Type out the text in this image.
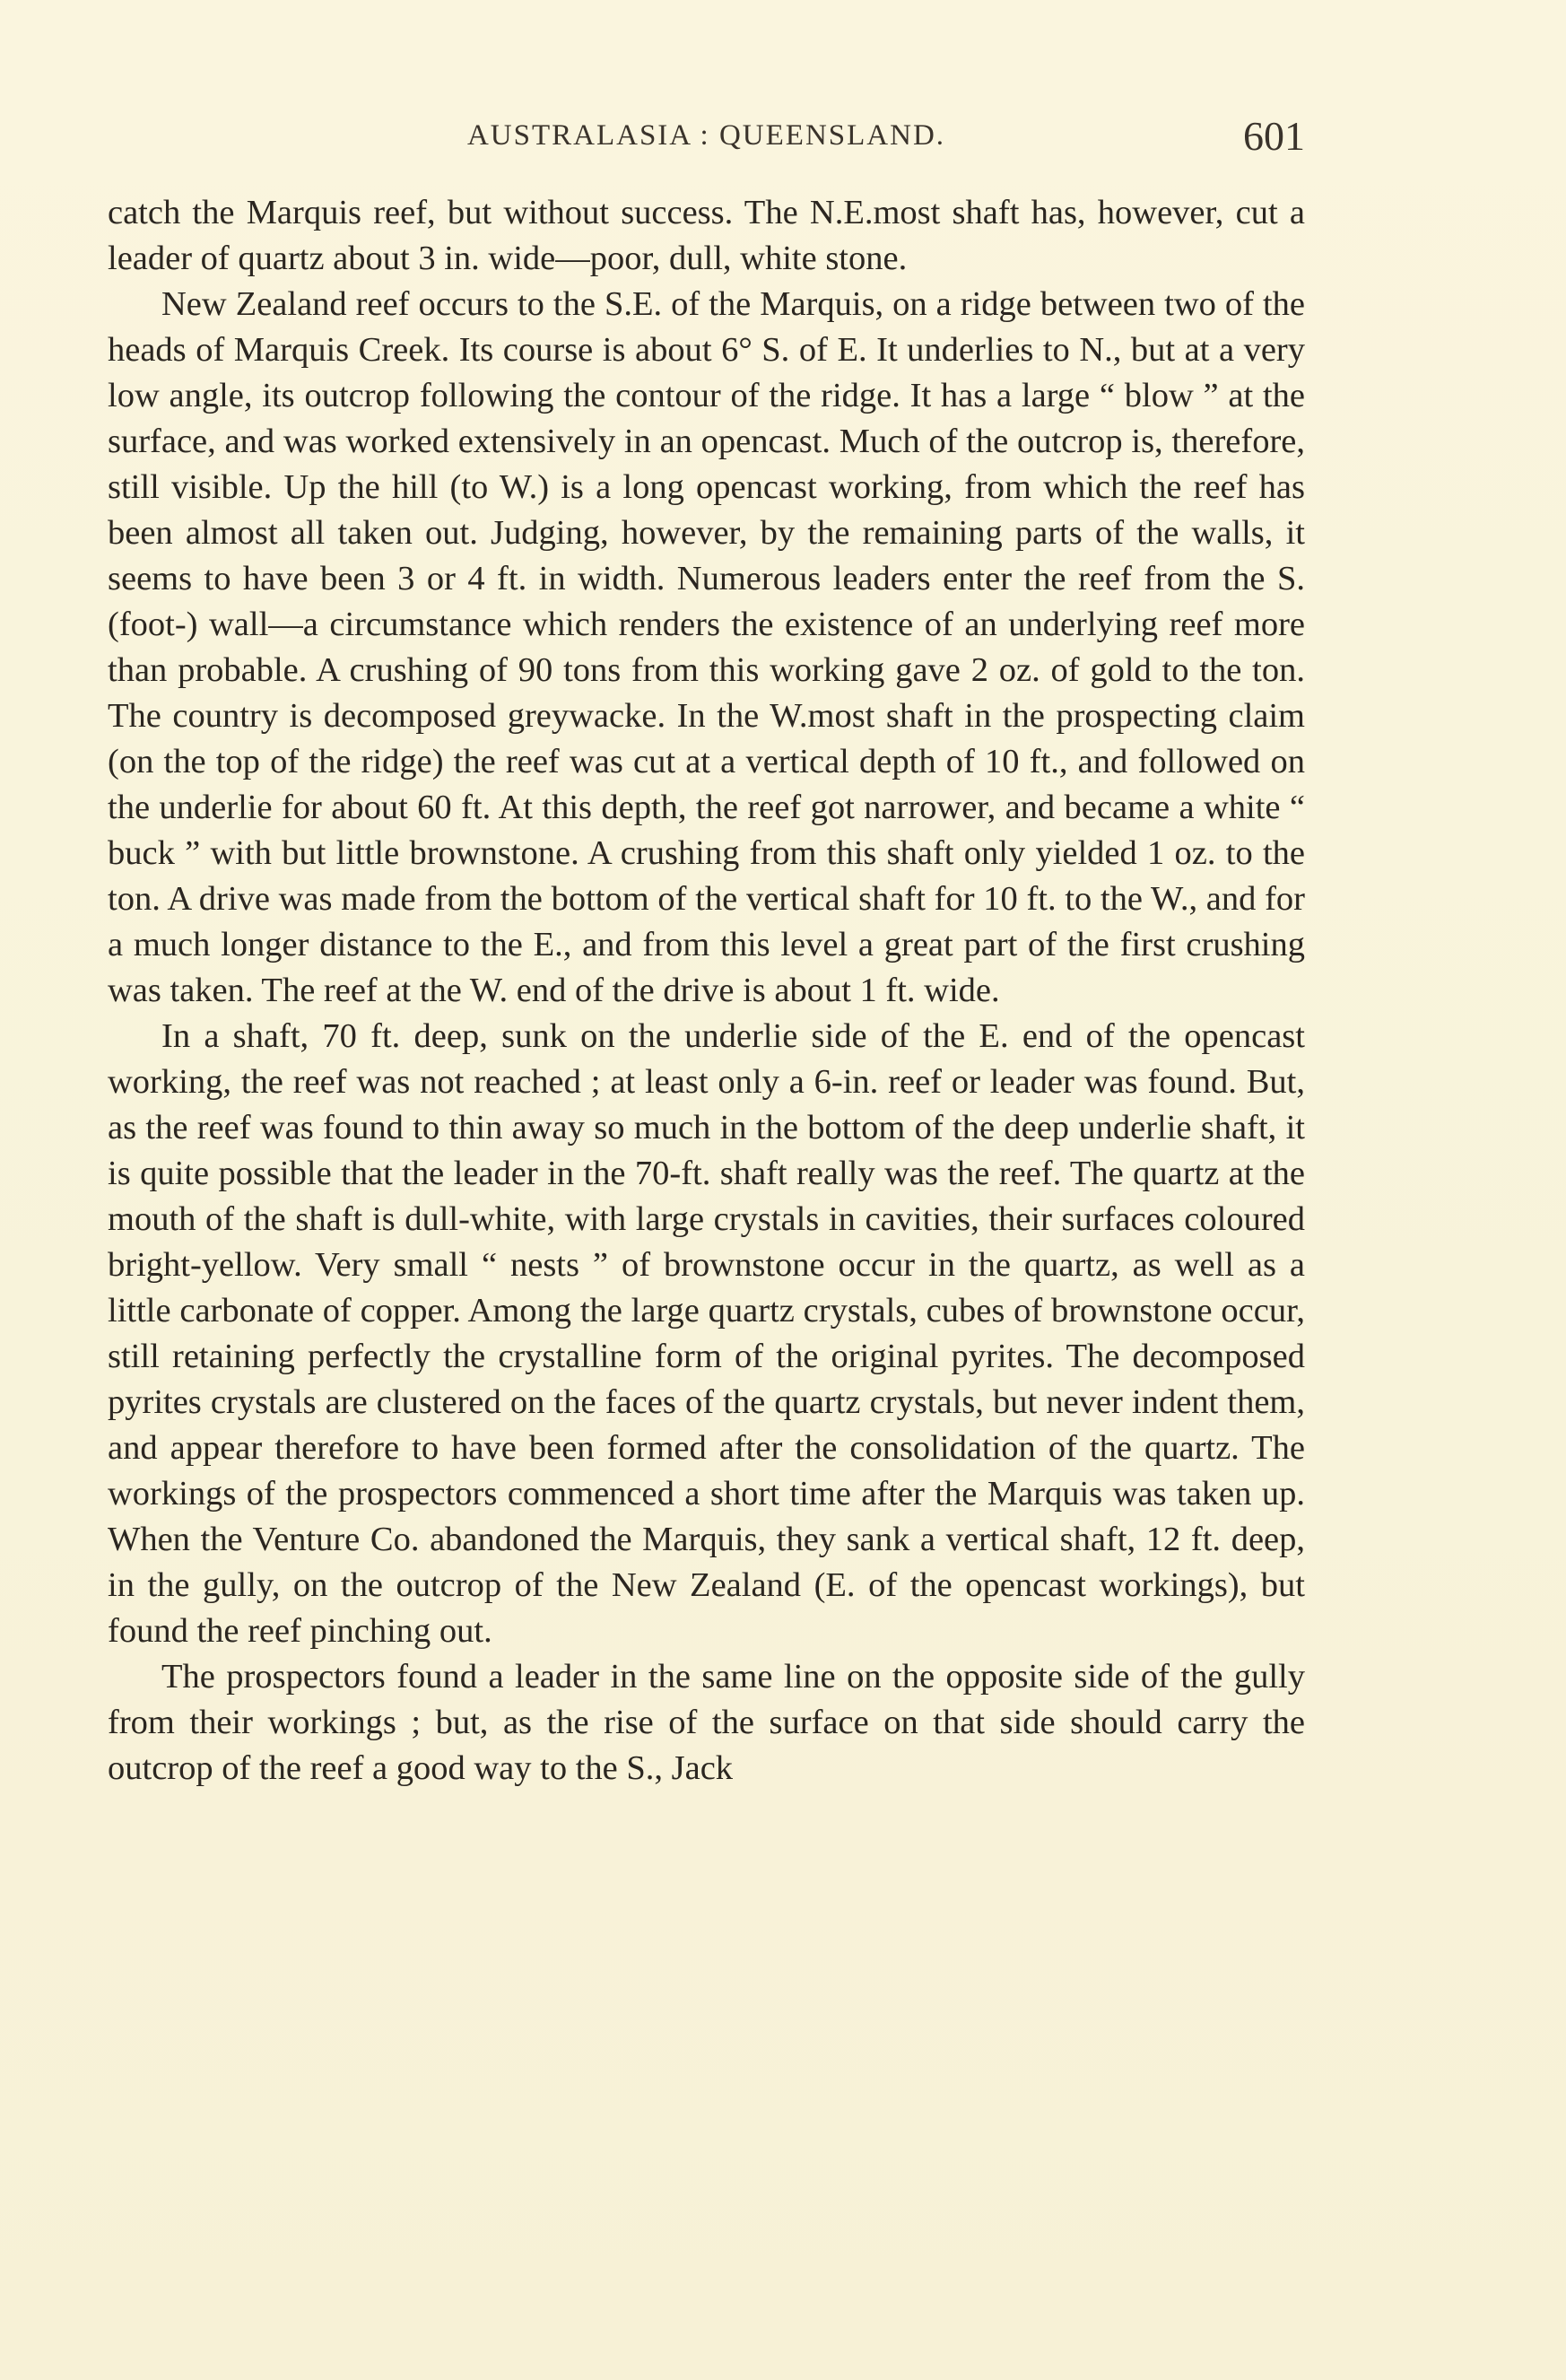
AUSTRALASIA : QUEENSLAND.	601

catch the Marquis reef, but without success. The N.E.most shaft has, however, cut a leader of quartz about 3 in. wide—poor, dull, white stone.

New Zealand reef occurs to the S.E. of the Marquis, on a ridge between two of the heads of Marquis Creek. Its course is about 6° S. of E. It underlies to N., but at a very low angle, its outcrop following the contour of the ridge. It has a large “ blow ” at the surface, and was worked extensively in an opencast. Much of the outcrop is, therefore, still visible. Up the hill (to W.) is a long opencast working, from which the reef has been almost all taken out. Judging, however, by the remaining parts of the walls, it seems to have been 3 or 4 ft. in width. Numerous leaders enter the reef from the S. (foot-) wall—a circumstance which renders the existence of an underlying reef more than probable. A crushing of 90 tons from this working gave 2 oz. of gold to the ton. The country is decomposed greywacke. In the W.most shaft in the prospecting claim (on the top of the ridge) the reef was cut at a vertical depth of 10 ft., and followed on the underlie for about 60 ft. At this depth, the reef got narrower, and became a white “ buck ” with but little brownstone. A crushing from this shaft only yielded 1 oz. to the ton. A drive was made from the bottom of the vertical shaft for 10 ft. to the W., and for a much longer distance to the E., and from this level a great part of the first crushing was taken. The reef at the W. end of the drive is about 1 ft. wide.

In a shaft, 70 ft. deep, sunk on the underlie side of the E. end of the opencast working, the reef was not reached ; at least only a 6-in. reef or leader was found. But, as the reef was found to thin away so much in the bottom of the deep underlie shaft, it is quite possible that the leader in the 70-ft. shaft really was the reef. The quartz at the mouth of the shaft is dull-white, with large crystals in cavities, their surfaces coloured bright-yellow. Very small “ nests ” of brownstone occur in the quartz, as well as a little carbonate of copper. Among the large quartz crystals, cubes of brownstone occur, still retaining perfectly the crystalline form of the original pyrites. The decomposed pyrites crystals are clustered on the faces of the quartz crystals, but never indent them, and appear therefore to have been formed after the consolidation of the quartz. The workings of the prospectors commenced a short time after the Marquis was taken up. When the Venture Co. abandoned the Marquis, they sank a vertical shaft, 12 ft. deep, in the gully, on the outcrop of the New Zealand (E. of the opencast workings), but found the reef pinching out.

The prospectors found a leader in the same line on the opposite side of the gully from their workings ; but, as the rise of the surface on that side should carry the outcrop of the reef a good way to the S., Jack
